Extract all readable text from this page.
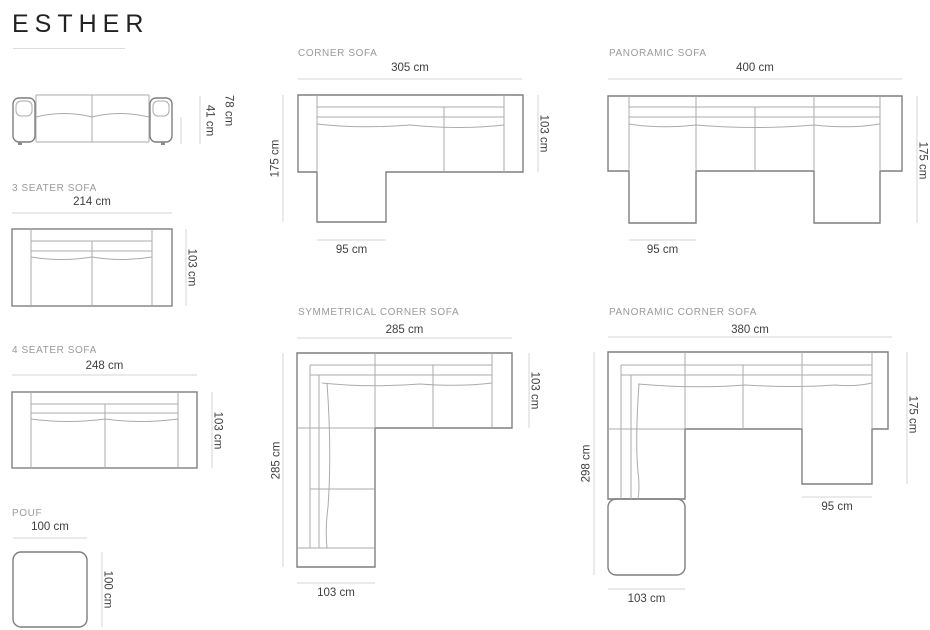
ESTHER
41 cm 78 cm
3 SEATER SOFA
214 cm
103 cm
4 SEATER SOFA
248 cm
103 cm
POUF
100 cm
100 cm
CORNER SOFA
305 cm
175 cm
103 cm
95 cm
PANORAMIC SOFA
400 cm
175 cm
95 cm
SYMMETRICAL CORNER SOFA
285 cm
285 cm
103 cm
103 cm
PANORAMIC CORNER SOFA
380 cm
298 cm
175 cm
95 cm
103 cm
